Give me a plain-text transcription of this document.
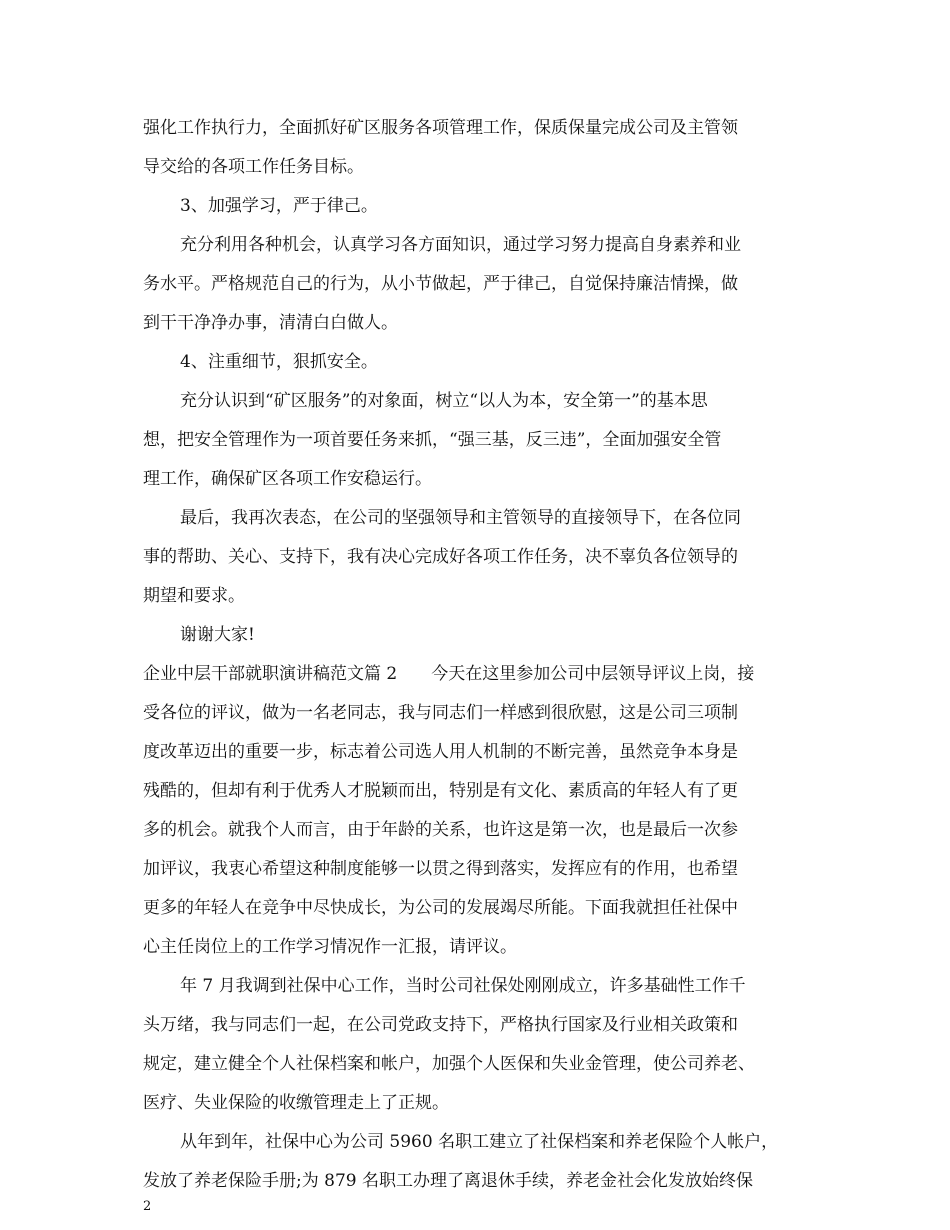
强化工作执行力，全面抓好矿区服务各项管理工作，保质保量完成公司及主管领
导交给的各项工作任务目标。
3、加强学习，严于律己。
充分利用各种机会，认真学习各方面知识，通过学习努力提高自身素养和业
务水平。严格规范自己的行为，从小节做起，严于律己，自觉保持廉洁情操，做
到干干净净办事，清清白白做人。
4、注重细节，狠抓安全。
充分认识到“矿区服务”的对象面，树立“以人为本，安全第一”的基本思
想，把安全管理作为一项首要任务来抓，“强三基，反三违”，全面加强安全管
理工作，确保矿区各项工作安稳运行。
最后，我再次表态，在公司的坚强领导和主管领导的直接领导下，在各位同
事的帮助、关心、支持下，我有决心完成好各项工作任务，决不辜负各位领导的
期望和要求。
谢谢大家!
企业中层干部就职演讲稿范文篇 2　　今天在这里参加公司中层领导评议上岗，接
受各位的评议，做为一名老同志，我与同志们一样感到很欣慰，这是公司三项制
度改革迈出的重要一步，标志着公司选人用人机制的不断完善，虽然竞争本身是
残酷的，但却有利于优秀人才脱颖而出，特别是有文化、素质高的年轻人有了更
多的机会。就我个人而言，由于年龄的关系，也许这是第一次，也是最后一次参
加评议，我衷心希望这种制度能够一以贯之得到落实，发挥应有的作用，也希望
更多的年轻人在竞争中尽快成长，为公司的发展竭尽所能。下面我就担任社保中
心主任岗位上的工作学习情况作一汇报，请评议。
年 7 月我调到社保中心工作，当时公司社保处刚刚成立，许多基础性工作千
头万绪，我与同志们一起，在公司党政支持下，严格执行国家及行业相关政策和
规定，建立健全个人社保档案和帐户，加强个人医保和失业金管理，使公司养老、
医疗、失业保险的收缴管理走上了正规。
从年到年，社保中心为公司 5960 名职工建立了社保档案和养老保险个人帐户，
发放了养老保险手册;为 879 名职工办理了离退休手续，养老金社会化发放始终保
2
